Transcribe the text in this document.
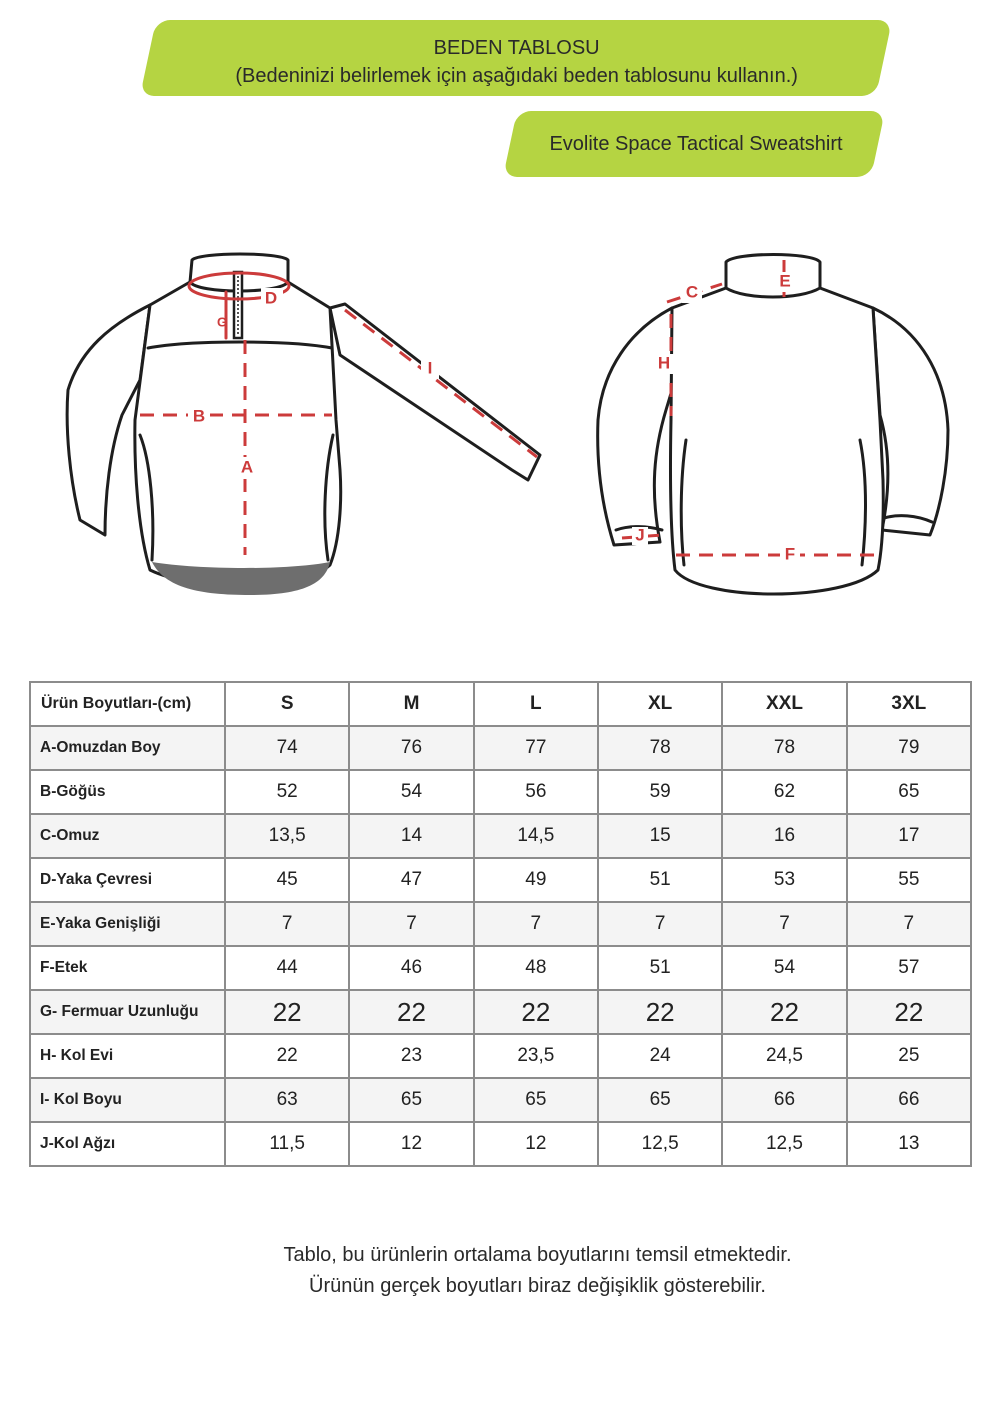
BEDEN TABLOSU
(Bedeninizi belirlemek için aşağıdaki beden tablosunu kullanın.)
Evolite Space Tactical Sweatshirt
B
A
D
G
I
C
E
H
J
F
Ürün Boyutları-(cm)	S	M	L	XL	XXL	3XL
A-Omuzdan Boy	74	76	77	78	78	79
B-Göğüs	52	54	56	59	62	65
C-Omuz	13,5	14	14,5	15	16	17
D-Yaka Çevresi	45	47	49	51	53	55
E-Yaka Genişliği	7	7	7	7	7	7
F-Etek	44	46	48	51	54	57
G- Fermuar Uzunluğu	22	22	22	22	22	22
H- Kol Evi	22	23	23,5	24	24,5	25
I- Kol Boyu	63	65	65	65	66	66
J-Kol Ağzı	11,5	12	12	12,5	12,5	13
Tablo, bu ürünlerin ortalama boyutlarını temsil etmektedir.
Ürünün gerçek boyutları biraz değişiklik gösterebilir.
